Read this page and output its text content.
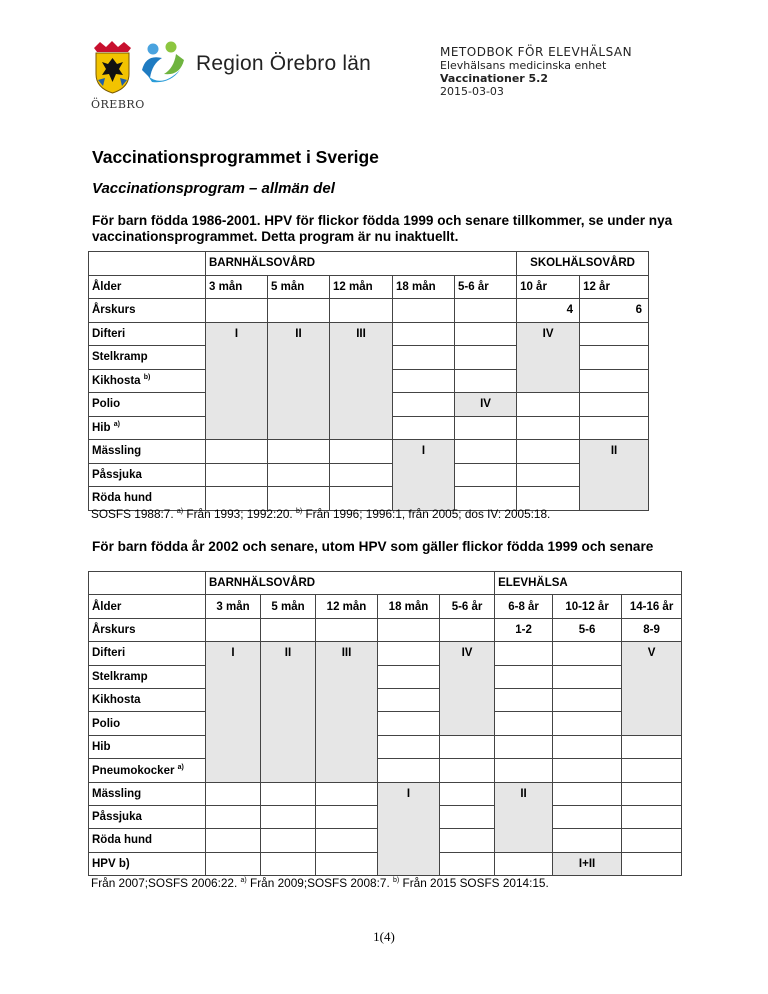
ÖREBRO
Region Örebro län	METODBOK FÖR ELEVHÄLSAN
Elevhälsans medicinska enhet
Vaccinationer 5.2
2015-03-03
Vaccinationsprogrammet i Sverige
Vaccinationsprogram – allmän del
För barn födda 1986-2001. HPV för flickor födda 1999 och senare tillkommer, se under nya vaccinationsprogrammet. Detta program är nu inaktuellt.
	BARNHÄLSOVÅRD					SKOLHÄLSOVÅRD	
Ålder	3 mån	5 mån	12 mån	18 mån	5-6 år	10 år	12 år
Årskurs						4	6
Difteri	I	II	III			IV	
Stelkramp							
Kikhosta $^{b)}$			
Polio					IV		
Hib $^{a)}$				
Mässling				I			II
Påssjuka							
Röda hund							
SOSFS 1988:7. $^{a)}$ Från 1993; 1992:20. $^{b)}$ Från 1996; 1996:1, från 2005; dos IV: 2005:18.
För barn födda år 2002 och senare, utom HPV som gäller flickor födda 1999 och senare
	BARNHÄLSOVÅRD					ELEVHÄLSA		
Ålder	3 mån	5 mån	12 mån	18 mån	5-6 år	6-8 år	10-12 år	14-16 år
Årskurs						1-2	5-6	8-9
Difteri	I	II	III		IV			V
Stelkramp								
Kikhosta								
Polio								
Hib								
Pneumokocker $^{a)}$					
Mässling				I		II		
Påssjuka								
Röda hund								
HPV b)							I+II	
Från 2007;SOSFS 2006:22. $^{a)}$ Från 2009;SOSFS 2008:7. $^{b)}$ Från 2015 SOSFS 2014:15.
1(4)
